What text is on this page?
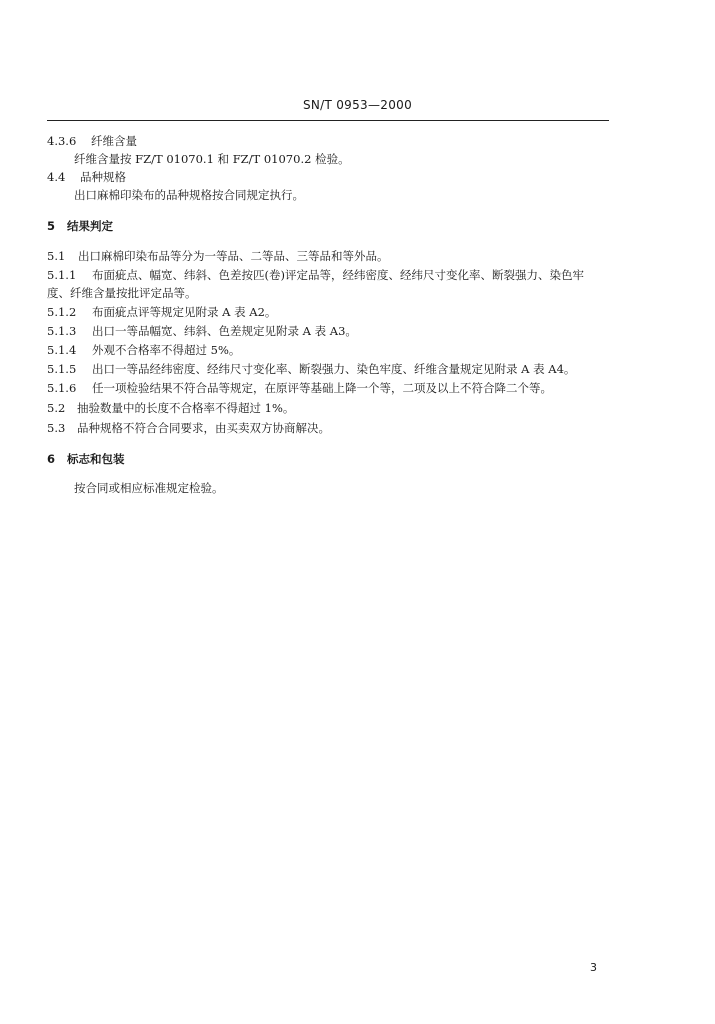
SN/T 0953—2000
4.3.6 纤维含量
纤维含量按 FZ/T 01070.1 和 FZ/T 01070.2 检验。
4.4 品种规格
出口麻棉印染布的品种规格按合同规定执行。
5 结果判定
5.1 出口麻棉印染布品等分为一等品、二等品、三等品和等外品。
5.1.1 布面疵点、幅宽、纬斜、色差按匹(卷)评定品等，经纬密度、经纬尺寸变化率、断裂强力、染色牢
度、纤维含量按批评定品等。
5.1.2 布面疵点评等规定见附录 A 表 A2。
5.1.3 出口一等品幅宽、纬斜、色差规定见附录 A 表 A3。
5.1.4 外观不合格率不得超过 5%。
5.1.5 出口一等品经纬密度、经纬尺寸变化率、断裂强力、染色牢度、纤维含量规定见附录 A 表 A4。
5.1.6 任一项检验结果不符合品等规定，在原评等基础上降一个等，二项及以上不符合降二个等。
5.2 抽验数量中的长度不合格率不得超过 1%。
5.3 品种规格不符合合同要求，由买卖双方协商解决。
6 标志和包装
按合同或相应标准规定检验。
3
